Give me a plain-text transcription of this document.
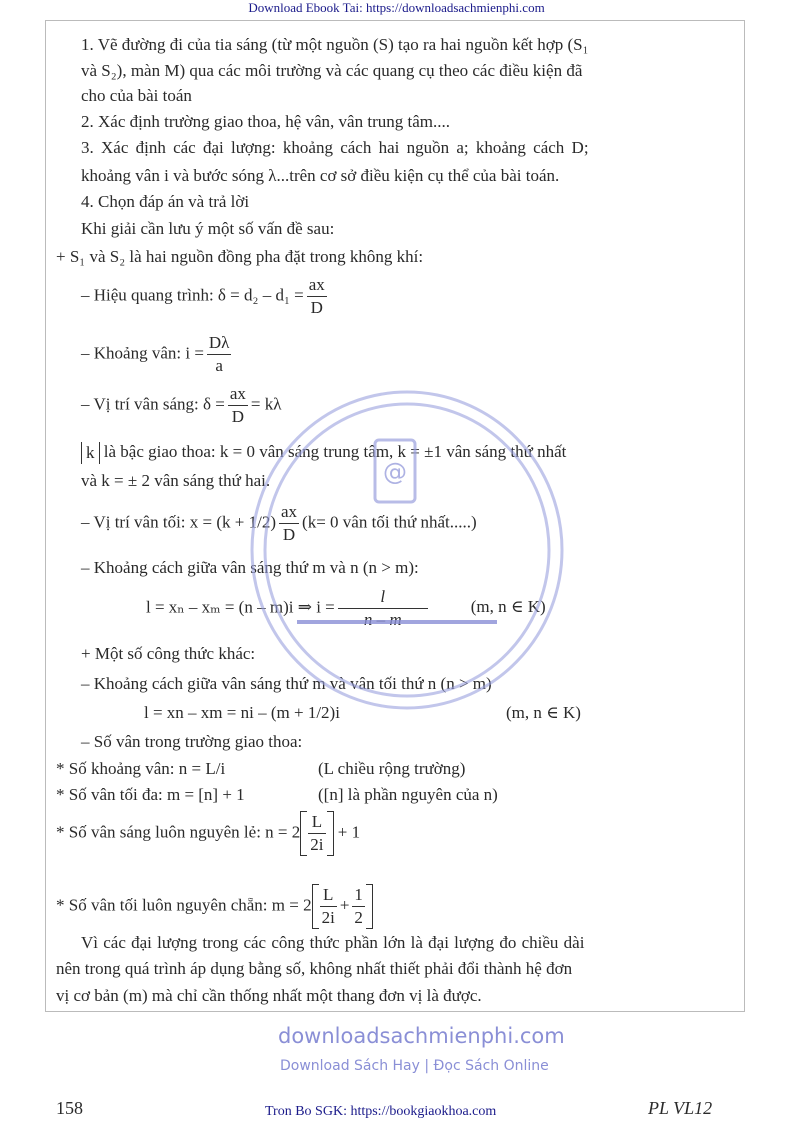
Download Ebook Tai: https://downloadsachmienphi.com
1. Vẽ đường đi của tia sáng (từ một nguồn (S) tạo ra hai nguồn kết hợp (S₁
và S₂), màn M) qua các môi trường và các quang cụ theo các điều kiện đã
cho của bài toán
2. Xác định trường giao thoa, hệ vân, vân trung tâm....
3. Xác định các đại lượng: khoảng cách hai nguồn a; khoảng cách D;
khoảng vân i và bước sóng λ...trên cơ sở điều kiện cụ thể của bài toán.
4. Chọn đáp án và trả lời
Khi giải cần lưu ý một số vấn đề sau:
+ S₁ và S₂ là hai nguồn đồng pha đặt trong không khí:
– Hiệu quang trình: $\delta = d_2 - d_1 = \frac{ax}{D}$
– Khoảng vân: $i = \frac{D\lambda}{a}$
– Vị trí vân sáng: $\delta = \frac{ax}{D} = k\lambda$
k là bậc giao thoa: k = 0 vân sáng trung tâm, k = ±1 vân sáng thứ nhất
và k = ± 2 vân sáng thứ hai.
– Vị trí vân tối: $x = (k + 1/2) \frac{ax}{D} (k= 0$ vân tối thứ nhất.....)
– Khoảng cách giữa vân sáng thứ m và n (n > m):
l = xₙ – xₘ = (n – m)i ⇒ i =
l
(m, n ∈ K)
+ Một số công thức khác:
– Khoảng cách giữa vân sáng thứ m và vân tối thứ n (n > m)
l = xn – xm = ni – (m + 1/2)i	(m, n ∈ K)
– Số vân trong trường giao thoa:
* Số khoảng vân: n = L/i	(L chiều rộng trường)
* Số vân tối đa: m = [n] + 1	([n] là phần nguyên của n)
* Số vân sáng luôn nguyên lẻ: $n = 2 \frac{L}{2i} + 1$
* Số vân tối luôn nguyên chẵn: $m = 2 \frac{L}{2i} + \frac{1}{2}$
Vì các đại lượng trong các công thức phần lớn là đại lượng đo chiều dài
nên trong quá trình áp dụng bằng số, không nhất thiết phải đổi thành hệ đơn
vị cơ bản (m) mà chỉ cần thống nhất một thang đơn vị là được.
@
downloadsachmienphi.com
Download Sách Hay | Đọc Sách Online
158	Tron Bo SGK: https://bookgiaokhoa.com	PL VL12
